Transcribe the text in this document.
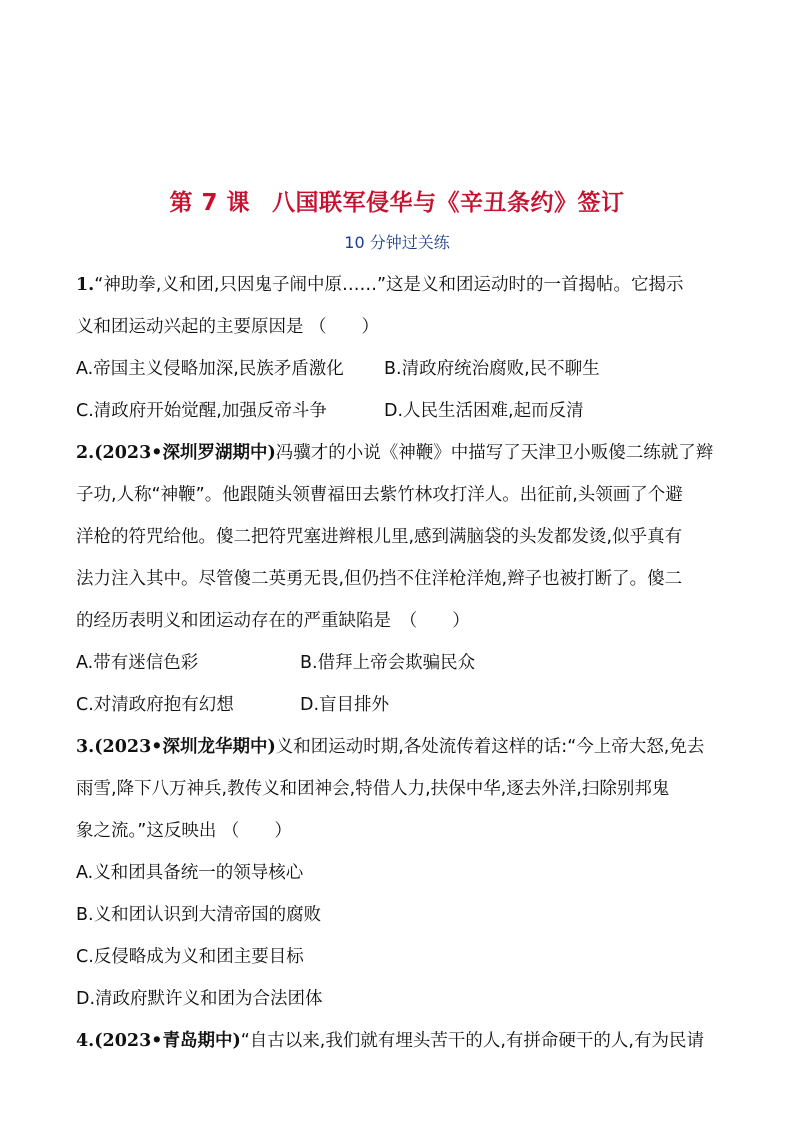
第 7 课 八国联军侵华与《辛丑条约》签订
10 分钟过关练

1.“神助拳,义和团,只因鬼子闹中原……”这是义和团运动时的一首揭帖。它揭示

义和团运动兴起的主要原因是 （　　）

A.帝国主义侵略加深,民族矛盾激化 B.清政府统治腐败,民不聊生

C.清政府开始觉醒,加强反帝斗争	D.人民生活困难,起而反清

2.(2023•深圳罗湖期中)冯骥才的小说《神鞭》中描写了天津卫小贩傻二练就了辫

子功,人称“神鞭”。他跟随头领曹福田去紫竹林攻打洋人。出征前,头领画了个避

洋枪的符咒给他。傻二把符咒塞进辫根儿里,感到满脑袋的头发都发烫,似乎真有

法力注入其中。尽管傻二英勇无畏,但仍挡不住洋枪洋炮,辫子也被打断了。傻二

的经历表明义和团运动存在的严重缺陷是　（　　）

A.带有迷信色彩	B.借拜上帝会欺骗民众

C.对清政府抱有幻想	D.盲目排外

3.(2023•深圳龙华期中)义和团运动时期,各处流传着这样的话:“今上帝大怒,免去

雨雪,降下八万神兵,教传义和团神会,特借人力,扶保中华,逐去外洋,扫除别邦鬼

象之流。”这反映出 （　　）

A.义和团具备统一的领导核心

B.义和团认识到大清帝国的腐败

C.反侵略成为义和团主要目标

D.清政府默许义和团为合法团体

4.(2023•青岛期中)“自古以来,我们就有埋头苦干的人,有拼命硬干的人,有为民请
